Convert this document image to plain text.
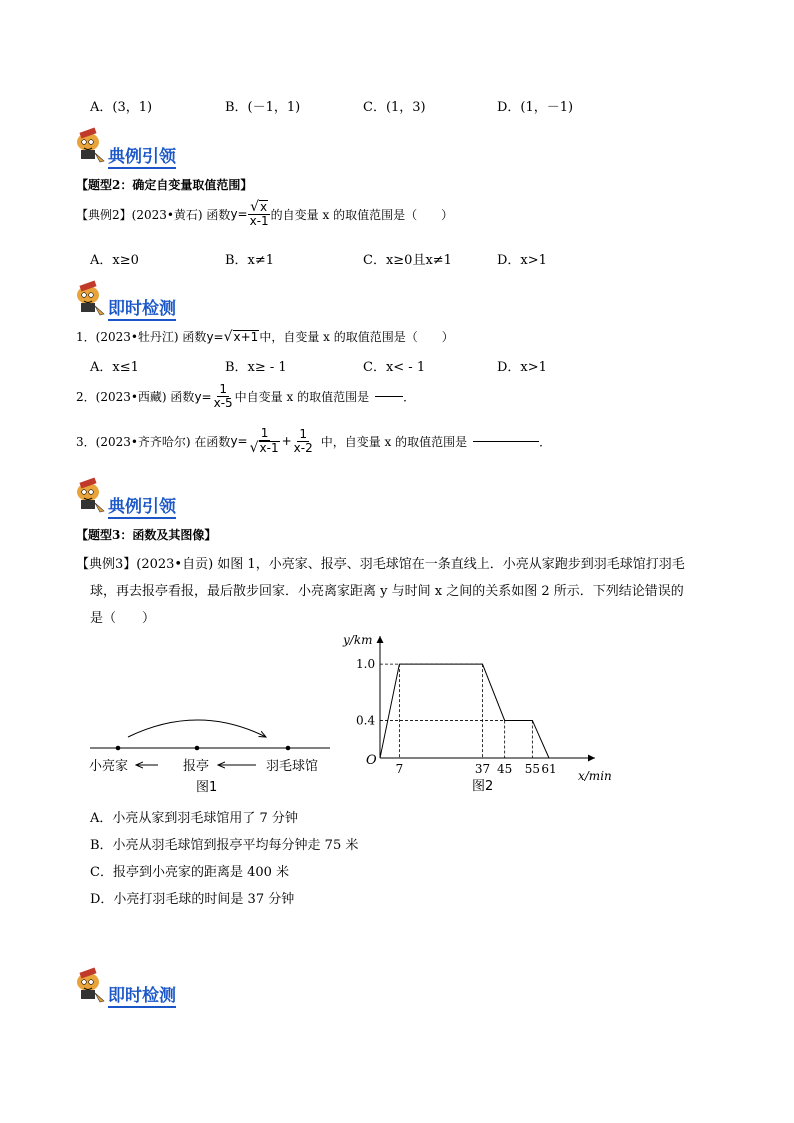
A．(3，1)	B．(－1，1)	C．(1，3)	D．(1，－1)
典例引领
【题型2：确定自变量取值范围】
【典例2】(2023•黄石) 函数 $y= \frac{√ x}{x-1}$ 的自变量 x 的取值范围是（　　）
A．x≥0	B．x≠1	C．x≥0且x≠1	D．x>1
即时检测
1．(2023•牡丹江) 函数 y= √ x+1 中，自变量 x 的取值范围是（　　）
A．x≤1	B．x≥ - 1	C．x< - 1	D．x>1
2．(2023•西藏) 函数 $y= \frac{1}{x-5}$ 中自变量 x 的取值范围是	．
3．(2023•齐齐哈尔) 在函数 $y= \frac{1}{√ x-1} + \frac{1}{x-2}$ 中，自变量 x 的取值范围是	．
典例引领
【题型3：函数及其图像】
【典例3】(2023•自贡) 如图 1，小亮家、报亭、羽毛球馆在一条直线上．小亮从家跑步到羽毛球馆打羽毛
球，再去报亭看报，最后散步回家．小亮离家距离 y 与时间 x 之间的关系如图 2 所示．下列结论错误的
是（　　）
小亮家	报亭	羽毛球馆
图1
y/km
x/min
O
1.0
0.4
7	37 45 55 61
图2
A．小亮从家到羽毛球馆用了 7 分钟
B．小亮从羽毛球馆到报亭平均每分钟走 75 米
C．报亭到小亮家的距离是 400 米
D．小亮打羽毛球的时间是 37 分钟
即时检测
